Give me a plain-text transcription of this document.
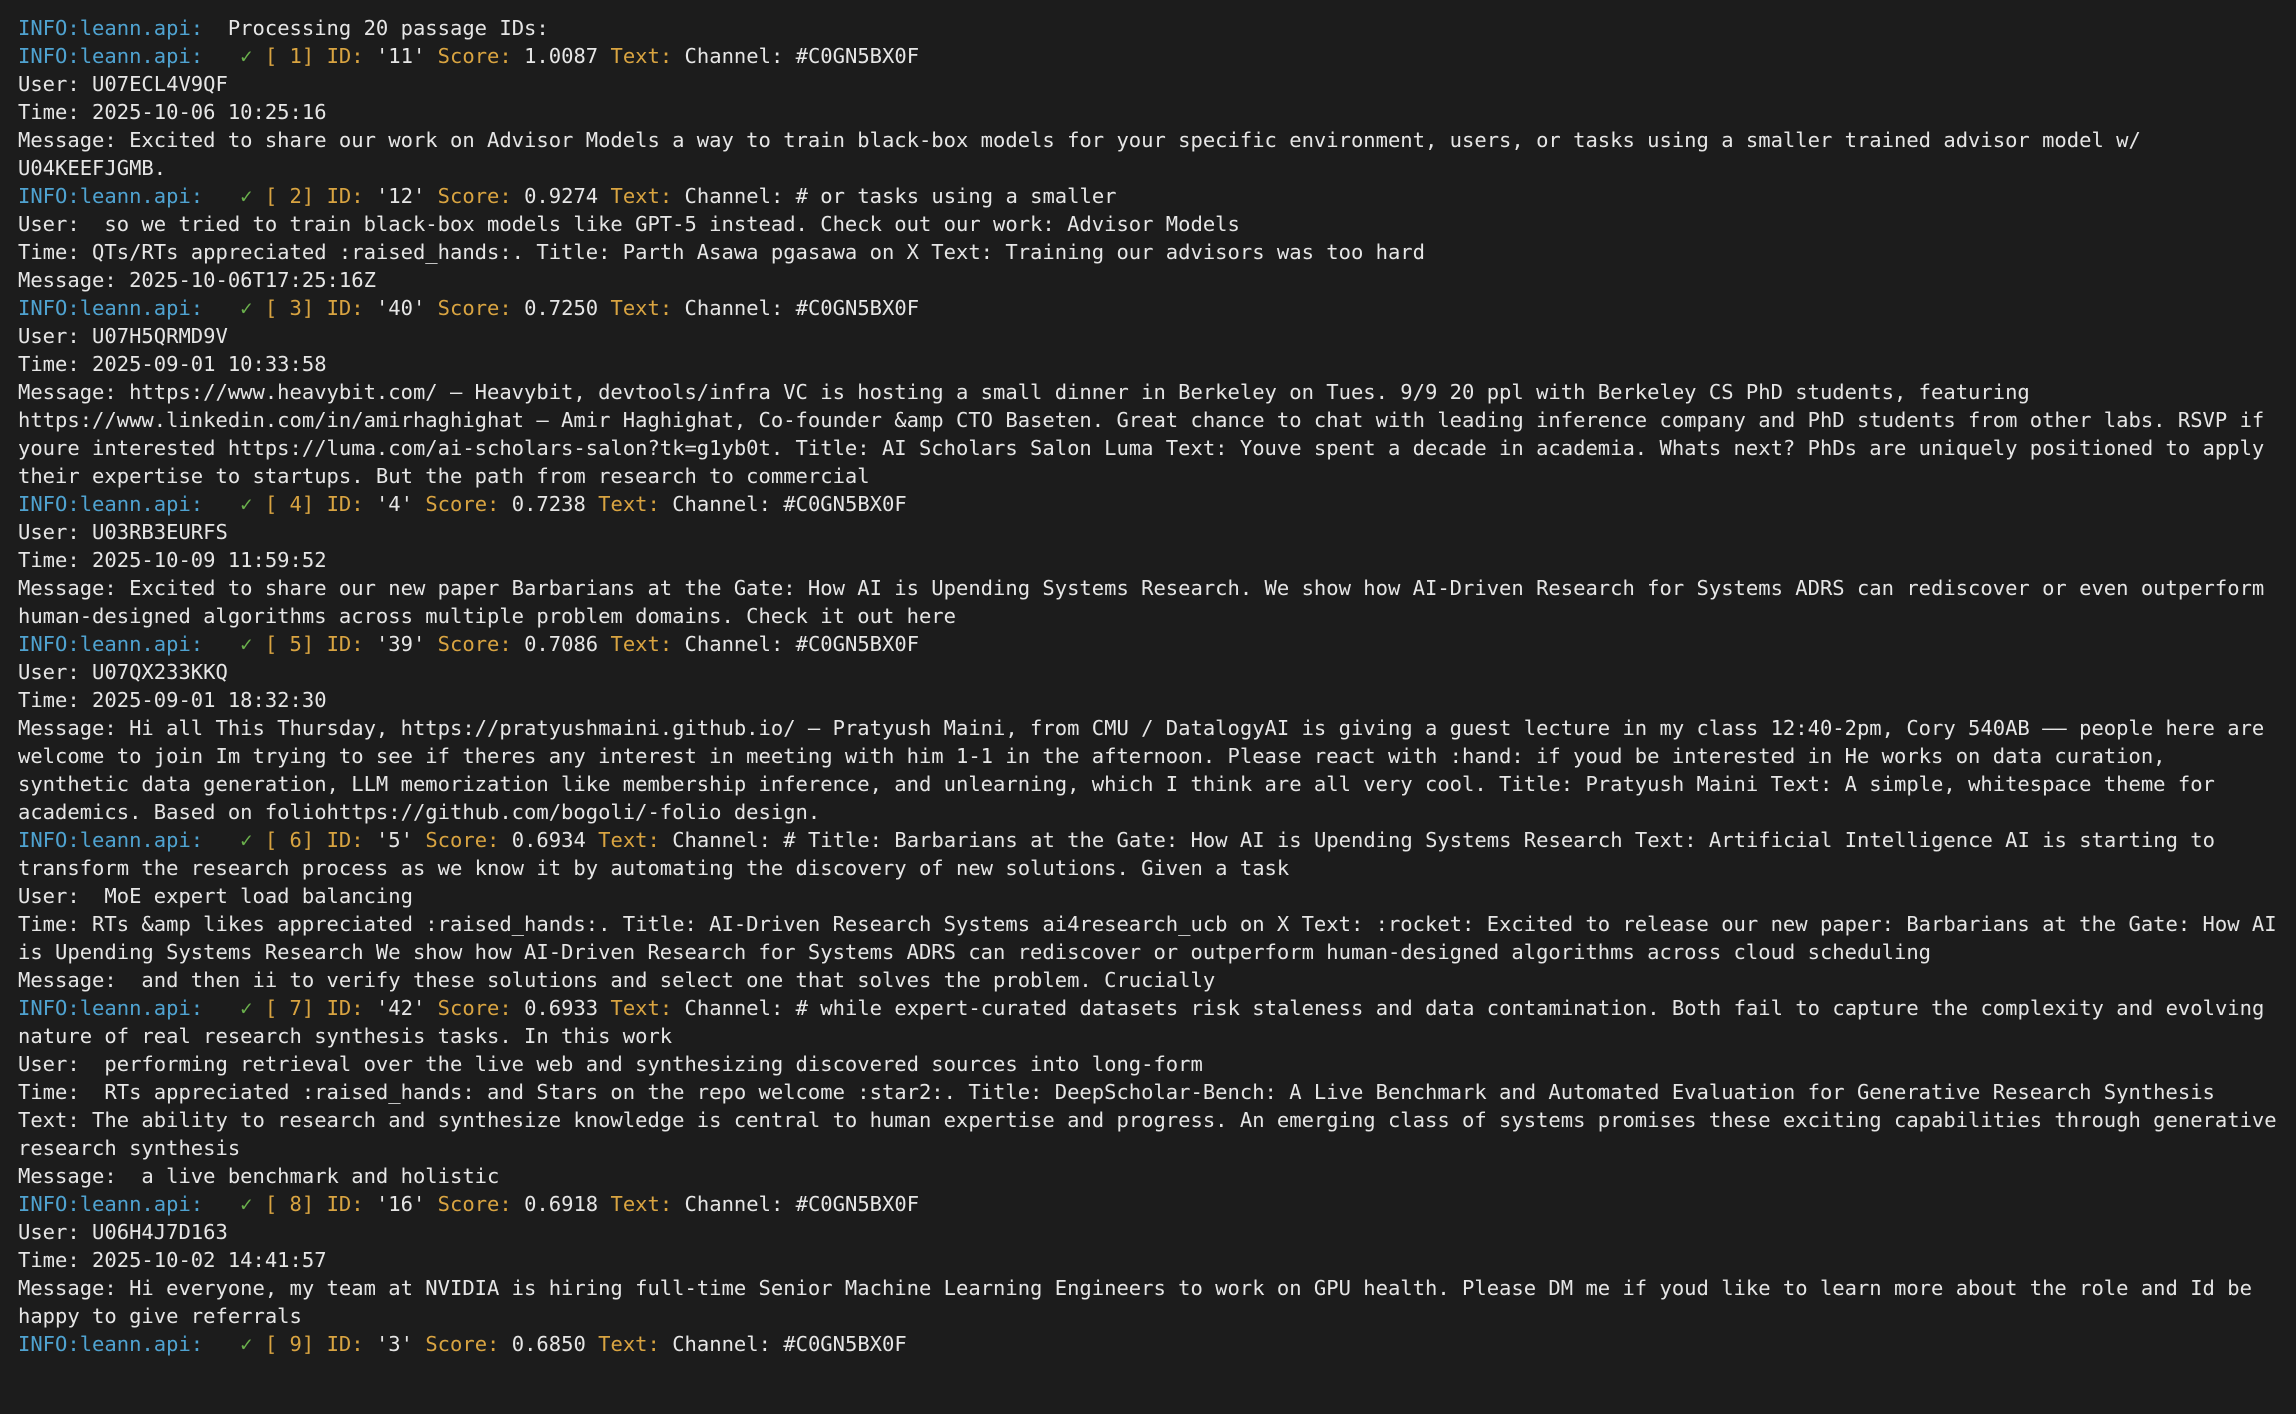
INFO:leann.api:  Processing 20 passage IDs:
INFO:leann.api: ✓ [ 1] ID: '11' Score: 1.0087 Text: Channel: #C0GN5BX0F
User: U07ECL4V9QF
Time: 2025-10-06 10:25:16
Message: Excited to share our work on Advisor Models a way to train black-box models for your specific environment, users, or tasks using a smaller trained advisor model w/ U04KEEFJGMB.
INFO:leann.api: ✓ [ 2] ID: '12' Score: 0.9274 Text: Channel: # or tasks using a smaller
User:  so we tried to train black-box models like GPT-5 instead. Check out our work: Advisor Models
Time: QTs/RTs appreciated :raised_hands:. Title: Parth Asawa pgasawa on X Text: Training our advisors was too hard
Message: 2025-10-06T17:25:16Z
INFO:leann.api: ✓ [ 3] ID: '40' Score: 0.7250 Text: Channel: #C0GN5BX0F
User: U07H5QRMD9V
Time: 2025-09-01 10:33:58
Message: https://www.heavybit.com/ — Heavybit, devtools/infra VC is hosting a small dinner in Berkeley on Tues. 9/9 20 ppl with Berkeley CS PhD students, featuring https://www.linkedin.com/in/amirhaghighat — Amir Haghighat, Co-founder &amp CTO Baseten. Great chance to chat with leading inference company and PhD students from other labs. RSVP if youre interested https://luma.com/ai-scholars-salon?tk=g1yb0t. Title: AI Scholars Salon Luma Text: Youve spent a decade in academia. Whats next? PhDs are uniquely positioned to apply their expertise to startups. But the path from research to commercial
INFO:leann.api: ✓ [ 4] ID: '4' Score: 0.7238 Text: Channel: #C0GN5BX0F
User: U03RB3EURFS
Time: 2025-10-09 11:59:52
Message: Excited to share our new paper Barbarians at the Gate: How AI is Upending Systems Research. We show how AI-Driven Research for Systems ADRS can rediscover or even outperform human-designed algorithms across multiple problem domains. Check it out here
INFO:leann.api: ✓ [ 5] ID: '39' Score: 0.7086 Text: Channel: #C0GN5BX0F
User: U07QX233KKQ
Time: 2025-09-01 18:32:30
Message: Hi all This Thursday, https://pratyushmaini.github.io/ — Pratyush Maini, from CMU / DatalogyAI is giving a guest lecture in my class 12:40-2pm, Cory 540AB —— people here are welcome to join Im trying to see if theres any interest in meeting with him 1-1 in the afternoon. Please react with :hand: if youd be interested in He works on data curation, synthetic data generation, LLM memorization like membership inference, and unlearning, which I think are all very cool. Title: Pratyush Maini Text: A simple, whitespace theme for academics. Based on foliohttps://github.com/bogoli/-folio design.
INFO:leann.api: ✓ [ 6] ID: '5' Score: 0.6934 Text: Channel: # Title: Barbarians at the Gate: How AI is Upending Systems Research Text: Artificial Intelligence AI is starting to transform the research process as we know it by automating the discovery of new solutions. Given a task
User:  MoE expert load balancing
Time: RTs &amp likes appreciated :raised_hands:. Title: AI-Driven Research Systems ai4research_ucb on X Text: :rocket: Excited to release our new paper: Barbarians at the Gate: How AI is Upending Systems Research We show how AI-Driven Research for Systems ADRS can rediscover or outperform human-designed algorithms across cloud scheduling
Message:  and then ii to verify these solutions and select one that solves the problem. Crucially
INFO:leann.api: ✓ [ 7] ID: '42' Score: 0.6933 Text: Channel: # while expert-curated datasets risk staleness and data contamination. Both fail to capture the complexity and evolving nature of real research synthesis tasks. In this work
User:  performing retrieval over the live web and synthesizing discovered sources into long-form
Time:  RTs appreciated :raised_hands: and Stars on the repo welcome :star2:. Title: DeepScholar-Bench: A Live Benchmark and Automated Evaluation for Generative Research Synthesis Text: The ability to research and synthesize knowledge is central to human expertise and progress. An emerging class of systems promises these exciting capabilities through generative research synthesis
Message:  a live benchmark and holistic
INFO:leann.api: ✓ [ 8] ID: '16' Score: 0.6918 Text: Channel: #C0GN5BX0F
User: U06H4J7D163
Time: 2025-10-02 14:41:57
Message: Hi everyone, my team at NVIDIA is hiring full-time Senior Machine Learning Engineers to work on GPU health. Please DM me if youd like to learn more about the role and Id be happy to give referrals
INFO:leann.api: ✓ [ 9] ID: '3' Score: 0.6850 Text: Channel: #C0GN5BX0F
